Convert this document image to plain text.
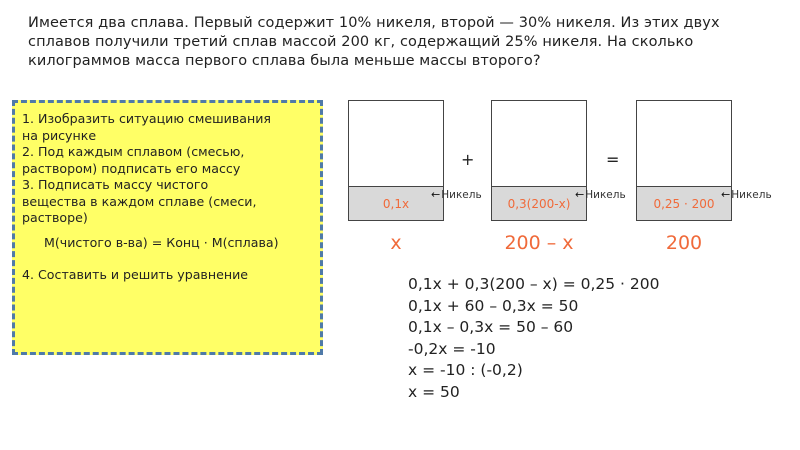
Имеется два сплава. Первый содержит 10% никеля, второй — 30% никеля. Из этих двух
сплавов получили третий сплав массой 200 кг, содержащий 25% никеля. На сколько
килограммов масса первого сплава была меньше массы второго?
1. Изобразить ситуацию смешивания
на рисунке
2. Под каждым сплавом (смесью,
раствором) подписать его массу
3. Подписать массу чистого
вещества в каждом сплаве (смеси,
растворе)
М(чистого в-ва) = Конц · М(сплава)
4. Составить и решить уравнение
0,1x
←Никель
x
+
0,3(200-x)
←Никель
200 – x
=
0,25 · 200
←Никель
200
0,1x + 0,3(200 – x) = 0,25 · 200
0,1x + 60 – 0,3x = 50
0,1x – 0,3x = 50 – 60
-0,2x = -10
x = -10 : (-0,2)
x = 50
